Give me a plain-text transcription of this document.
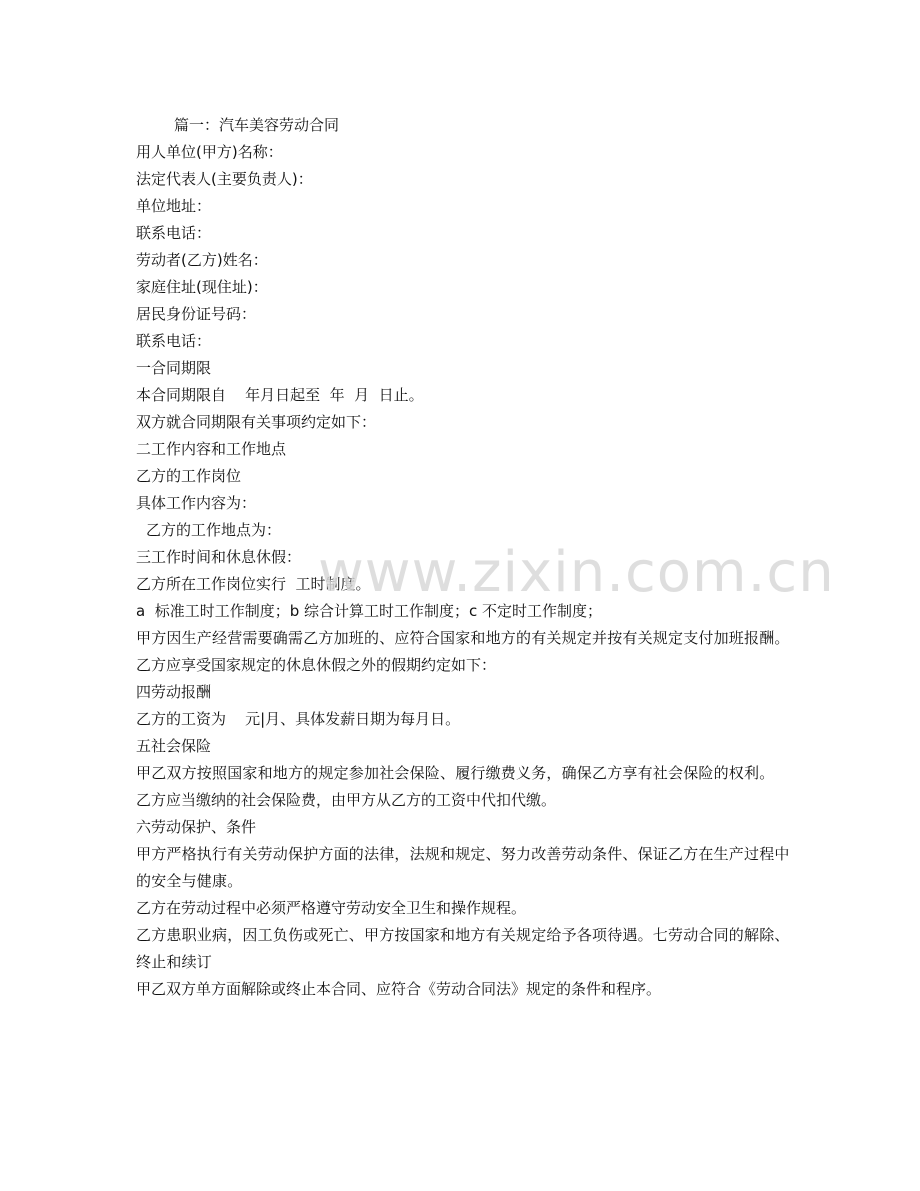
篇一：汽车美容劳动合同
用人单位(甲方)名称：
法定代表人(主要负责人)：
单位地址：
联系电话：
劳动者(乙方)姓名：
家庭住址(现住址)：
居民身份证号码：
联系电话：
一合同期限
本合同期限自    年月日起至  年  月  日止。
双方就合同期限有关事项约定如下：
二工作内容和工作地点
乙方的工作岗位
具体工作内容为：
乙方的工作地点为：
三工作时间和休息休假：
乙方所在工作岗位实行  工时制度。
a  标准工时工作制度；b 综合计算工时工作制度；c 不定时工作制度；
甲方因生产经营需要确需乙方加班的、应符合国家和地方的有关规定并按有关规定支付加班报酬。
乙方应享受国家规定的休息休假之外的假期约定如下：
四劳动报酬
乙方的工资为    元|月、具体发薪日期为每月日。
五社会保险
甲乙双方按照国家和地方的规定参加社会保险、履行缴费义务，确保乙方享有社会保险的权利。
乙方应当缴纳的社会保险费，由甲方从乙方的工资中代扣代缴。
六劳动保护、条件
甲方严格执行有关劳动保护方面的法律，法规和规定、努力改善劳动条件、保证乙方在生产过程中的安全与健康。
乙方在劳动过程中必须严格遵守劳动安全卫生和操作规程。
乙方患职业病，因工负伤或死亡、甲方按国家和地方有关规定给予各项待遇。七劳动合同的解除、终止和续订
甲乙双方单方面解除或终止本合同、应符合《劳动合同法》规定的条件和程序。
www.zixin.com.cn
